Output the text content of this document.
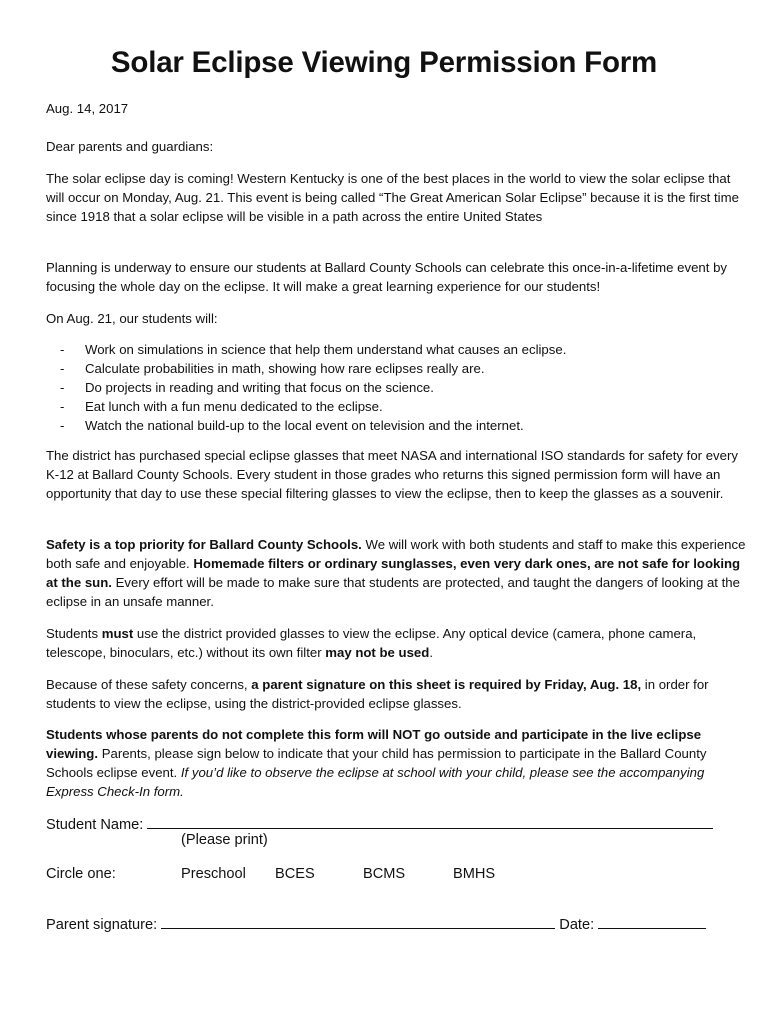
Solar Eclipse Viewing Permission Form

Aug. 14, 2017

Dear parents and guardians:

The solar eclipse day is coming! Western Kentucky is one of the best places in the world to view the solar eclipse that will occur on Monday, Aug. 21. This event is being called “The Great American Solar Eclipse” because it is the first time since 1918 that a solar eclipse will be visible in a path across the entire United States

Planning is underway to ensure our students at Ballard County Schools can celebrate this once-in-a-lifetime event by focusing the whole day on the eclipse. It will make a great learning experience for our students!

On Aug. 21, our students will:

- Work on simulations in science that help them understand what causes an eclipse.
- Calculate probabilities in math, showing how rare eclipses really are.
- Do projects in reading and writing that focus on the science.
- Eat lunch with a fun menu dedicated to the eclipse.
- Watch the national build-up to the local event on television and the internet.

The district has purchased special eclipse glasses that meet NASA and international ISO standards for safety for every K-12 at Ballard County Schools. Every student in those grades who returns this signed permission form will have an opportunity that day to use these special filtering glasses to view the eclipse, then to keep the glasses as a souvenir.

Safety is a top priority for Ballard County Schools. We will work with both students and staff to make this experience both safe and enjoyable. Homemade filters or ordinary sunglasses, even very dark ones, are not safe for looking at the sun. Every effort will be made to make sure that students are protected, and taught the dangers of looking at the eclipse in an unsafe manner.

Students must use the district provided glasses to view the eclipse. Any optical device (camera, phone camera, telescope, binoculars, etc.) without its own filter may not be used.

Because of these safety concerns, a parent signature on this sheet is required by Friday, Aug. 18, in order for students to view the eclipse, using the district-provided eclipse glasses.

Students whose parents do not complete this form will NOT go outside and participate in the live eclipse viewing. Parents, please sign below to indicate that your child has permission to participate in the Ballard County Schools eclipse event. If you’d like to observe the eclipse at school with your child, please see the accompanying Express Check-In form.

Student Name:
(Please print)
Circle one:	Preschool BCES	BCMS	BMHS
Parent signature:	Date:
